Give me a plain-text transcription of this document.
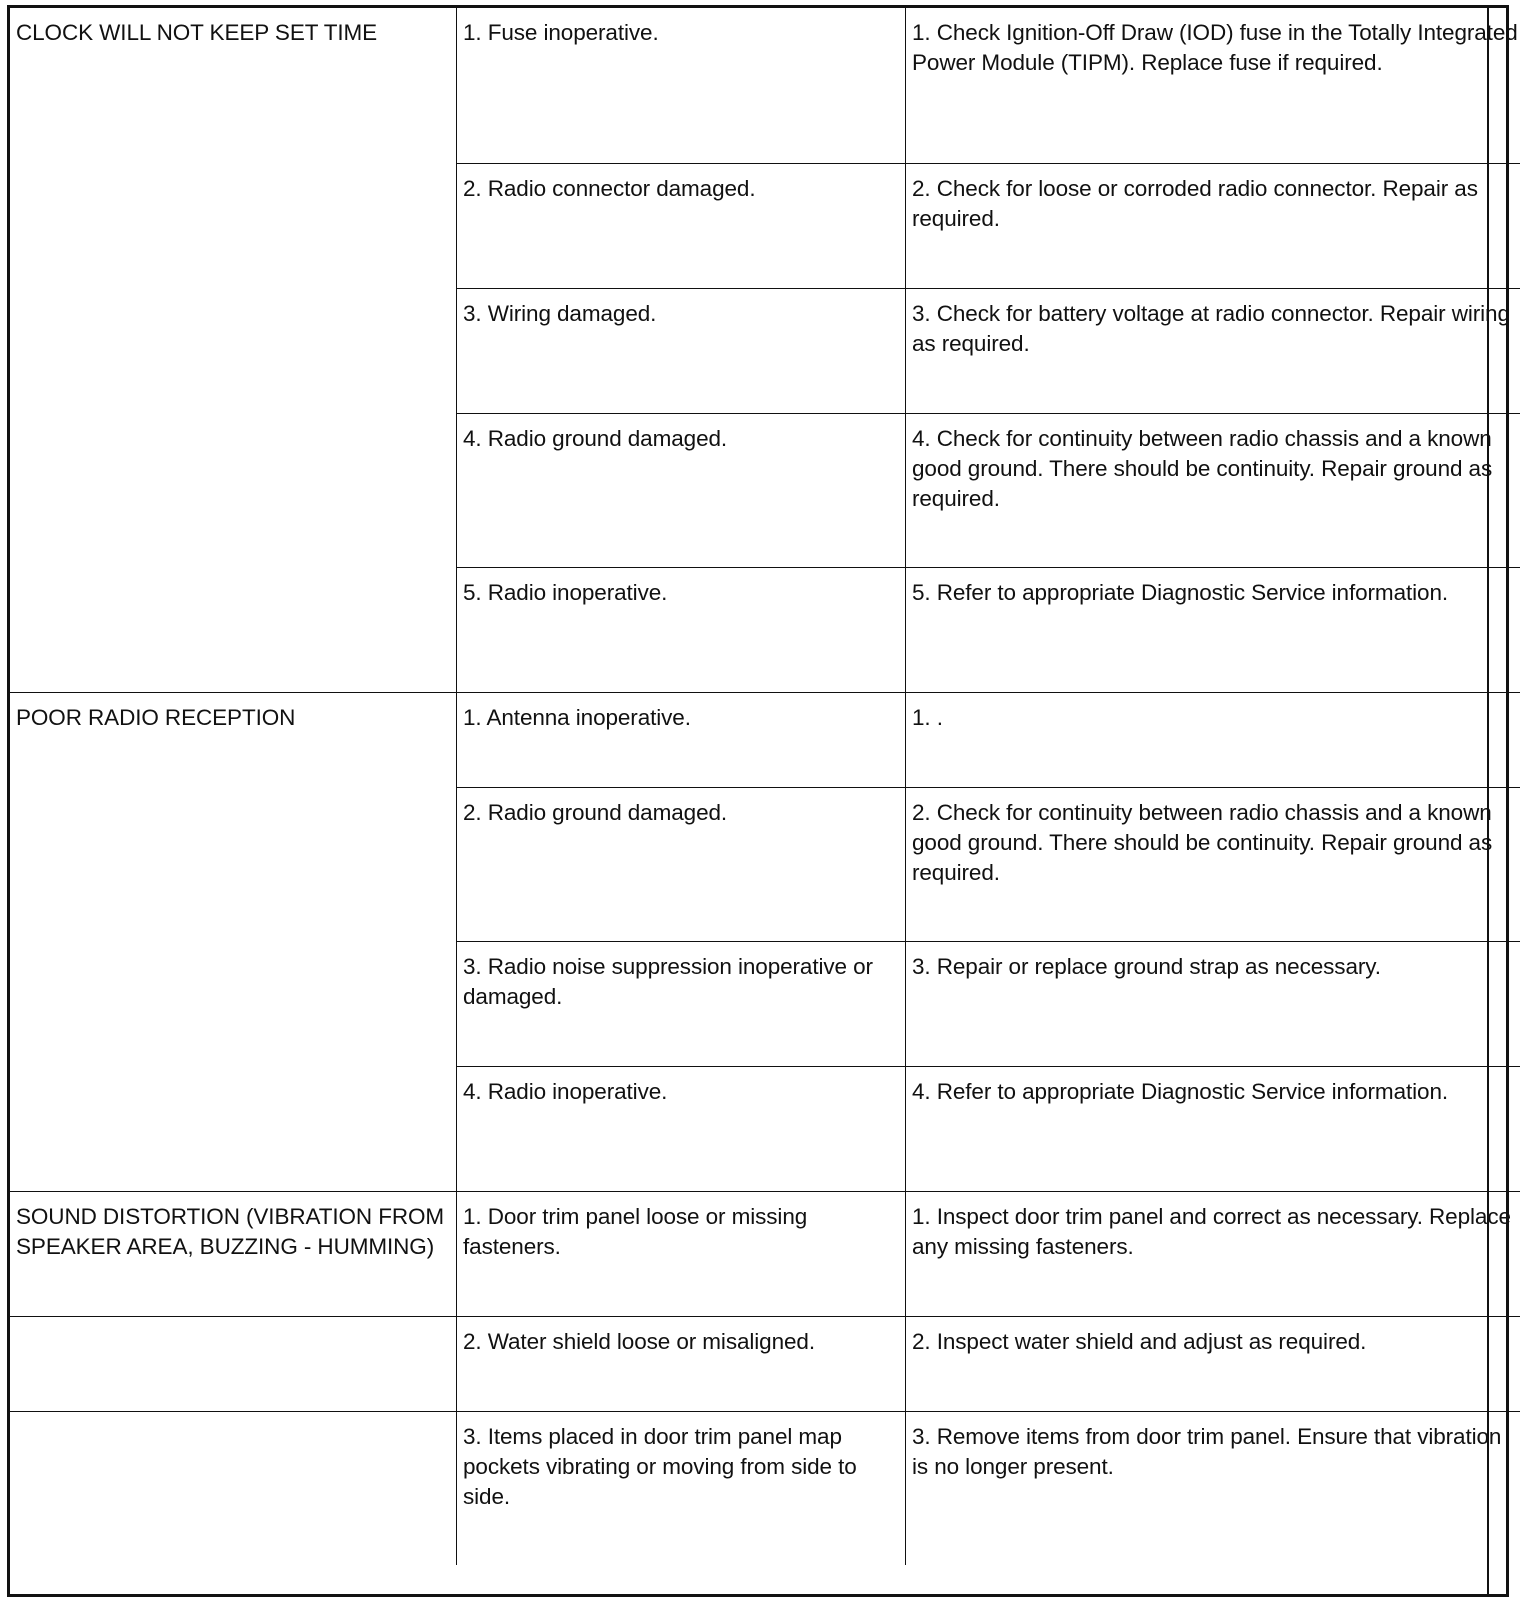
CLOCK WILL NOT KEEP SET TIME	1. Fuse inoperative.	1. Check Ignition-Off Draw (IOD) fuse in the Totally Integrated Power Module (TIPM). Replace fuse if required.
	2. Radio connector damaged.	2. Check for loose or corroded radio connector. Repair as required.
	3. Wiring damaged.	3. Check for battery voltage at radio connector. Repair wiring as required.
	4. Radio ground damaged.	4. Check for continuity between radio chassis and a known good ground. There should be continuity. Repair ground as required.
	5. Radio inoperative.	5. Refer to appropriate Diagnostic Service information.
POOR RADIO RECEPTION	1. Antenna inoperative.	1. .
	2. Radio ground damaged.	2. Check for continuity between radio chassis and a known good ground. There should be continuity. Repair ground as required.
	3. Radio noise suppression inoperative or damaged.	3. Repair or replace ground strap as necessary.
	4. Radio inoperative.	4. Refer to appropriate Diagnostic Service information.
SOUND DISTORTION (VIBRATION FROM SPEAKER AREA, BUZZING - HUMMING)	1. Door trim panel loose or missing fasteners.	1. Inspect door trim panel and correct as necessary. Replace any missing fasteners.
	2. Water shield loose or misaligned.	2. Inspect water shield and adjust as required.
	3. Items placed in door trim panel map pockets vibrating or moving from side to side.	3. Remove items from door trim panel. Ensure that vibration is no longer present.
